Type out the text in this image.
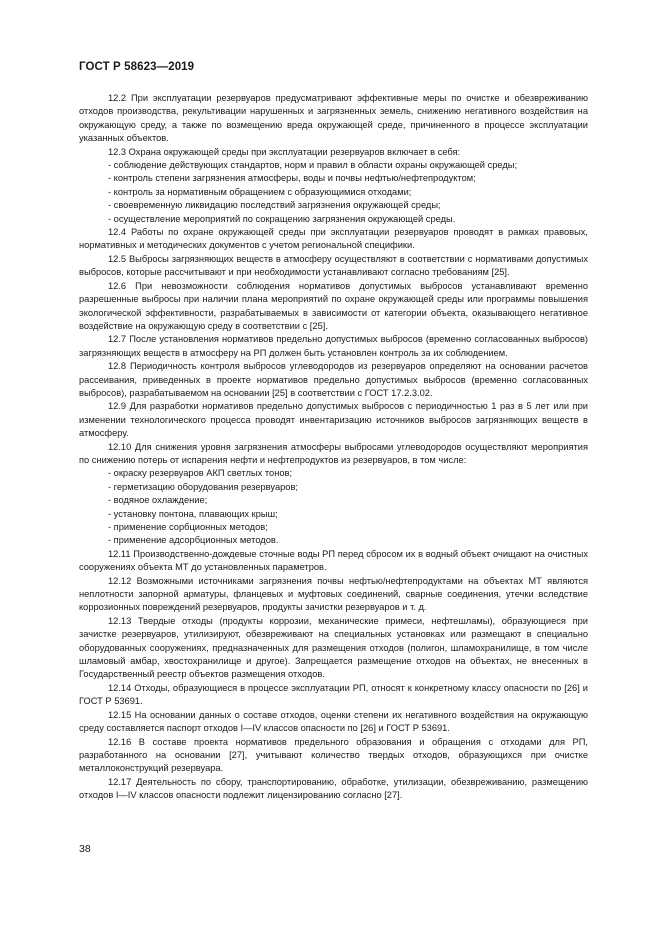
ГОСТ Р 58623—2019

12.2 При эксплуатации резервуаров предусматривают эффективные меры по очистке и обезвреживанию отходов производства, рекультивации нарушенных и загрязненных земель, снижению негативного воздействия на окружающую среду, а также по возмещению вреда окружающей среде, причиненного в процессе эксплуатации указанных объектов.

12.3 Охрана окружающей среды при эксплуатации резервуаров включает в себя:

- соблюдение действующих стандартов, норм и правил в области охраны окружающей среды;

- контроль степени загрязнения атмосферы, воды и почвы нефтью/нефтепродуктом;

- контроль за нормативным обращением с образующимися отходами;

- своевременную ликвидацию последствий загрязнения окружающей среды;

- осуществление мероприятий по сокращению загрязнения окружающей среды.

12.4 Работы по охране окружающей среды при эксплуатации резервуаров проводят в рамках правовых, нормативных и методических документов с учетом региональной специфики.

12.5 Выбросы загрязняющих веществ в атмосферу осуществляют в соответствии с нормативами допустимых выбросов, которые рассчитывают и при необходимости устанавливают согласно требованиям [25].

12.6 При невозможности соблюдения нормативов допустимых выбросов устанавливают временно разрешенные выбросы при наличии плана мероприятий по охране окружающей среды или программы повышения экологической эффективности, разрабатываемых в зависимости от категории объекта, оказывающего негативное воздействие на окружающую среду в соответствии с [25].

12.7 После установления нормативов предельно допустимых выбросов (временно согласованных выбросов) загрязняющих веществ в атмосферу на РП должен быть установлен контроль за их соблюдением.

12.8 Периодичность контроля выбросов углеводородов из резервуаров определяют на основании расчетов рассеивания, приведенных в проекте нормативов предельно допустимых выбросов (временно согласованных выбросов), разрабатываемом на основании [25] в соответствии с ГОСТ 17.2.3.02.

12.9 Для разработки нормативов предельно допустимых выбросов с периодичностью 1 раз в 5 лет или при изменении технологического процесса проводят инвентаризацию источников выбросов загрязняющих веществ в атмосферу.

12.10 Для снижения уровня загрязнения атмосферы выбросами углеводородов осуществляют мероприятия по снижению потерь от испарения нефти и нефтепродуктов из резервуаров, в том числе:

- окраску резервуаров АКП светлых тонов;

- герметизацию оборудования резервуаров;

- водяное охлаждение;

- установку понтона, плавающих крыш;

- применение сорбционных методов;

- применение адсорбционных методов.

12.11 Производственно-дождевые сточные воды РП перед сбросом их в водный объект очищают на очистных сооружениях объекта МТ до установленных параметров.

12.12 Возможными источниками загрязнения почвы нефтью/нефтепродуктами на объектах МТ являются неплотности запорной арматуры, фланцевых и муфтовых соединений, сварные соединения, утечки вследствие коррозионных повреждений резервуаров, продукты зачистки резервуаров и т. д.

12.13 Твердые отходы (продукты коррозии, механические примеси, нефтешламы), образующиеся при зачистке резервуаров, утилизируют, обезвреживают на специальных установках или размещают в специально оборудованных сооружениях, предназначенных для размещения отходов (полигон, шламохранилище, в том числе шламовый амбар, хвостохранилище и другое). Запрещается размещение отходов на объектах, не внесенных в Государственный реестр объектов размещения отходов.

12.14 Отходы, образующиеся в процессе эксплуатации РП, относят к конкретному классу опасности по [26] и ГОСТ Р 53691.

12.15 На основании данных о составе отходов, оценки степени их негативного воздействия на окружающую среду составляется паспорт отходов I—IV классов опасности по [26] и ГОСТ Р 53691.

12.16 В составе проекта нормативов предельного образования и обращения с отходами для РП, разработанного на основании [27], учитывают количество твердых отходов, образующихся при очистке металлоконструкций резервуара.

12.17 Деятельность по сбору, транспортированию, обработке, утилизации, обезвреживанию, размещению отходов I—IV классов опасности подлежит лицензированию согласно [27].

38
